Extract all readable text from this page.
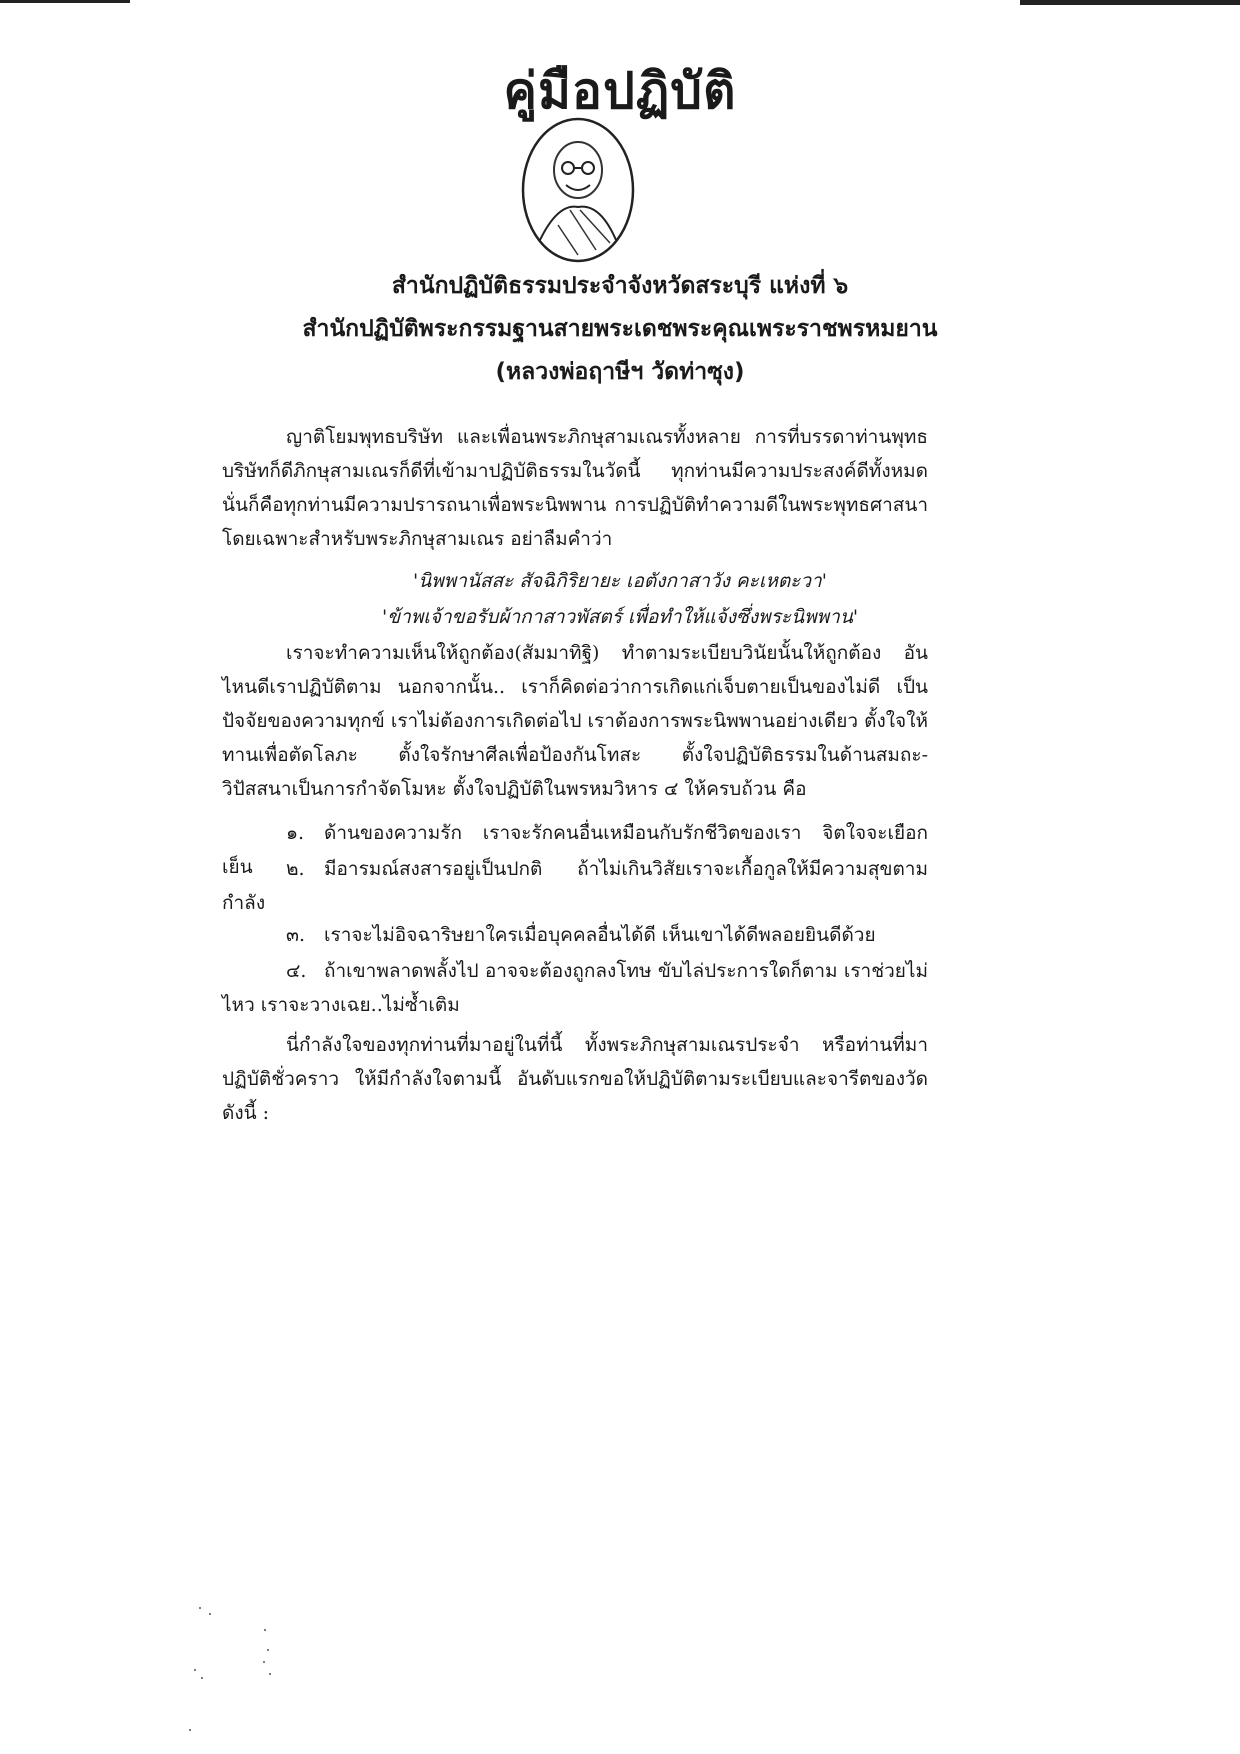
คู่มือปฏิบัติ
สำนักปฏิบัติธรรมประจำจังหวัดสระบุรี แห่งที่ ๖
สำนักปฏิบัติพระกรรมฐานสายพระเดชพระคุณเพระราชพรหมยาน
(หลวงพ่อฤาษีฯ วัดท่าซุง)

ญาติโยมพุทธบริษัท และเพื่อนพระภิกษุสามเณรทั้งหลาย การที่บรรดาท่านพุทธบริษัทก็ดีภิกษุสามเณรก็ดีที่เข้ามาปฏิบัติธรรมในวัดนี้ ทุกท่านมีความประสงค์ดีทั้งหมด นั่นก็คือทุกท่านมีความปรารถนาเพื่อพระนิพพาน การปฏิบัติทำความดีในพระพุทธศาสนาโดยเฉพาะสำหรับพระภิกษุสามเณร อย่าลืมคำว่า

'นิพพานัสสะ สัจฉิกิริยายะ เอตังกาสาวัง คะเหตะวา'
'ข้าพเจ้าขอรับผ้ากาสาวพัสตร์ เพื่อทำให้แจ้งซึ่งพระนิพพาน'

เราจะทำความเห็นให้ถูกต้อง(สัมมาทิฐิ) ทำตามระเบียบวินัยนั้นให้ถูกต้อง อันไหนดีเราปฏิบัติตาม นอกจากนั้น.. เราก็คิดต่อว่าการเกิดแก่เจ็บตายเป็นของไม่ดี เป็นปัจจัยของความทุกข์ เราไม่ต้องการเกิดต่อไป เราต้องการพระนิพพานอย่างเดียว ตั้งใจให้ทานเพื่อตัดโลภะ ตั้งใจรักษาศีลเพื่อป้องกันโทสะ ตั้งใจปฏิบัติธรรมในด้านสมถะ-วิปัสสนาเป็นการกำจัดโมหะ ตั้งใจปฏิบัติในพรหมวิหาร ๔ ให้ครบถ้วน คือ

๑. ด้านของความรัก เราจะรักคนอื่นเหมือนกับรักชีวิตของเรา จิตใจจะเยือกเย็น	๒. มีอารมณ์สงสารอยู่เป็นปกติ ถ้าไม่เกินวิสัยเราจะเกื้อกูลให้มีความสุขตามกำลัง

๓. เราจะไม่อิจฉาริษยาใครเมื่อบุคคลอื่นได้ดี เห็นเขาได้ดีพลอยยินดีด้วย

๔. ถ้าเขาพลาดพลั้งไป อาจจะต้องถูกลงโทษ ขับไล่ประการใดก็ตาม เราช่วยไม่ไหว เราจะวางเฉย..ไม่ซ้ำเติม

นี่กำลังใจของทุกท่านที่มาอยู่ในที่นี้ ทั้งพระภิกษุสามเณรประจำ หรือท่านที่มาปฏิบัติชั่วคราว ให้มีกำลังใจตามนี้ อันดับแรกขอให้ปฏิบัติตามระเบียบและจารีตของวัดดังนี้ :
